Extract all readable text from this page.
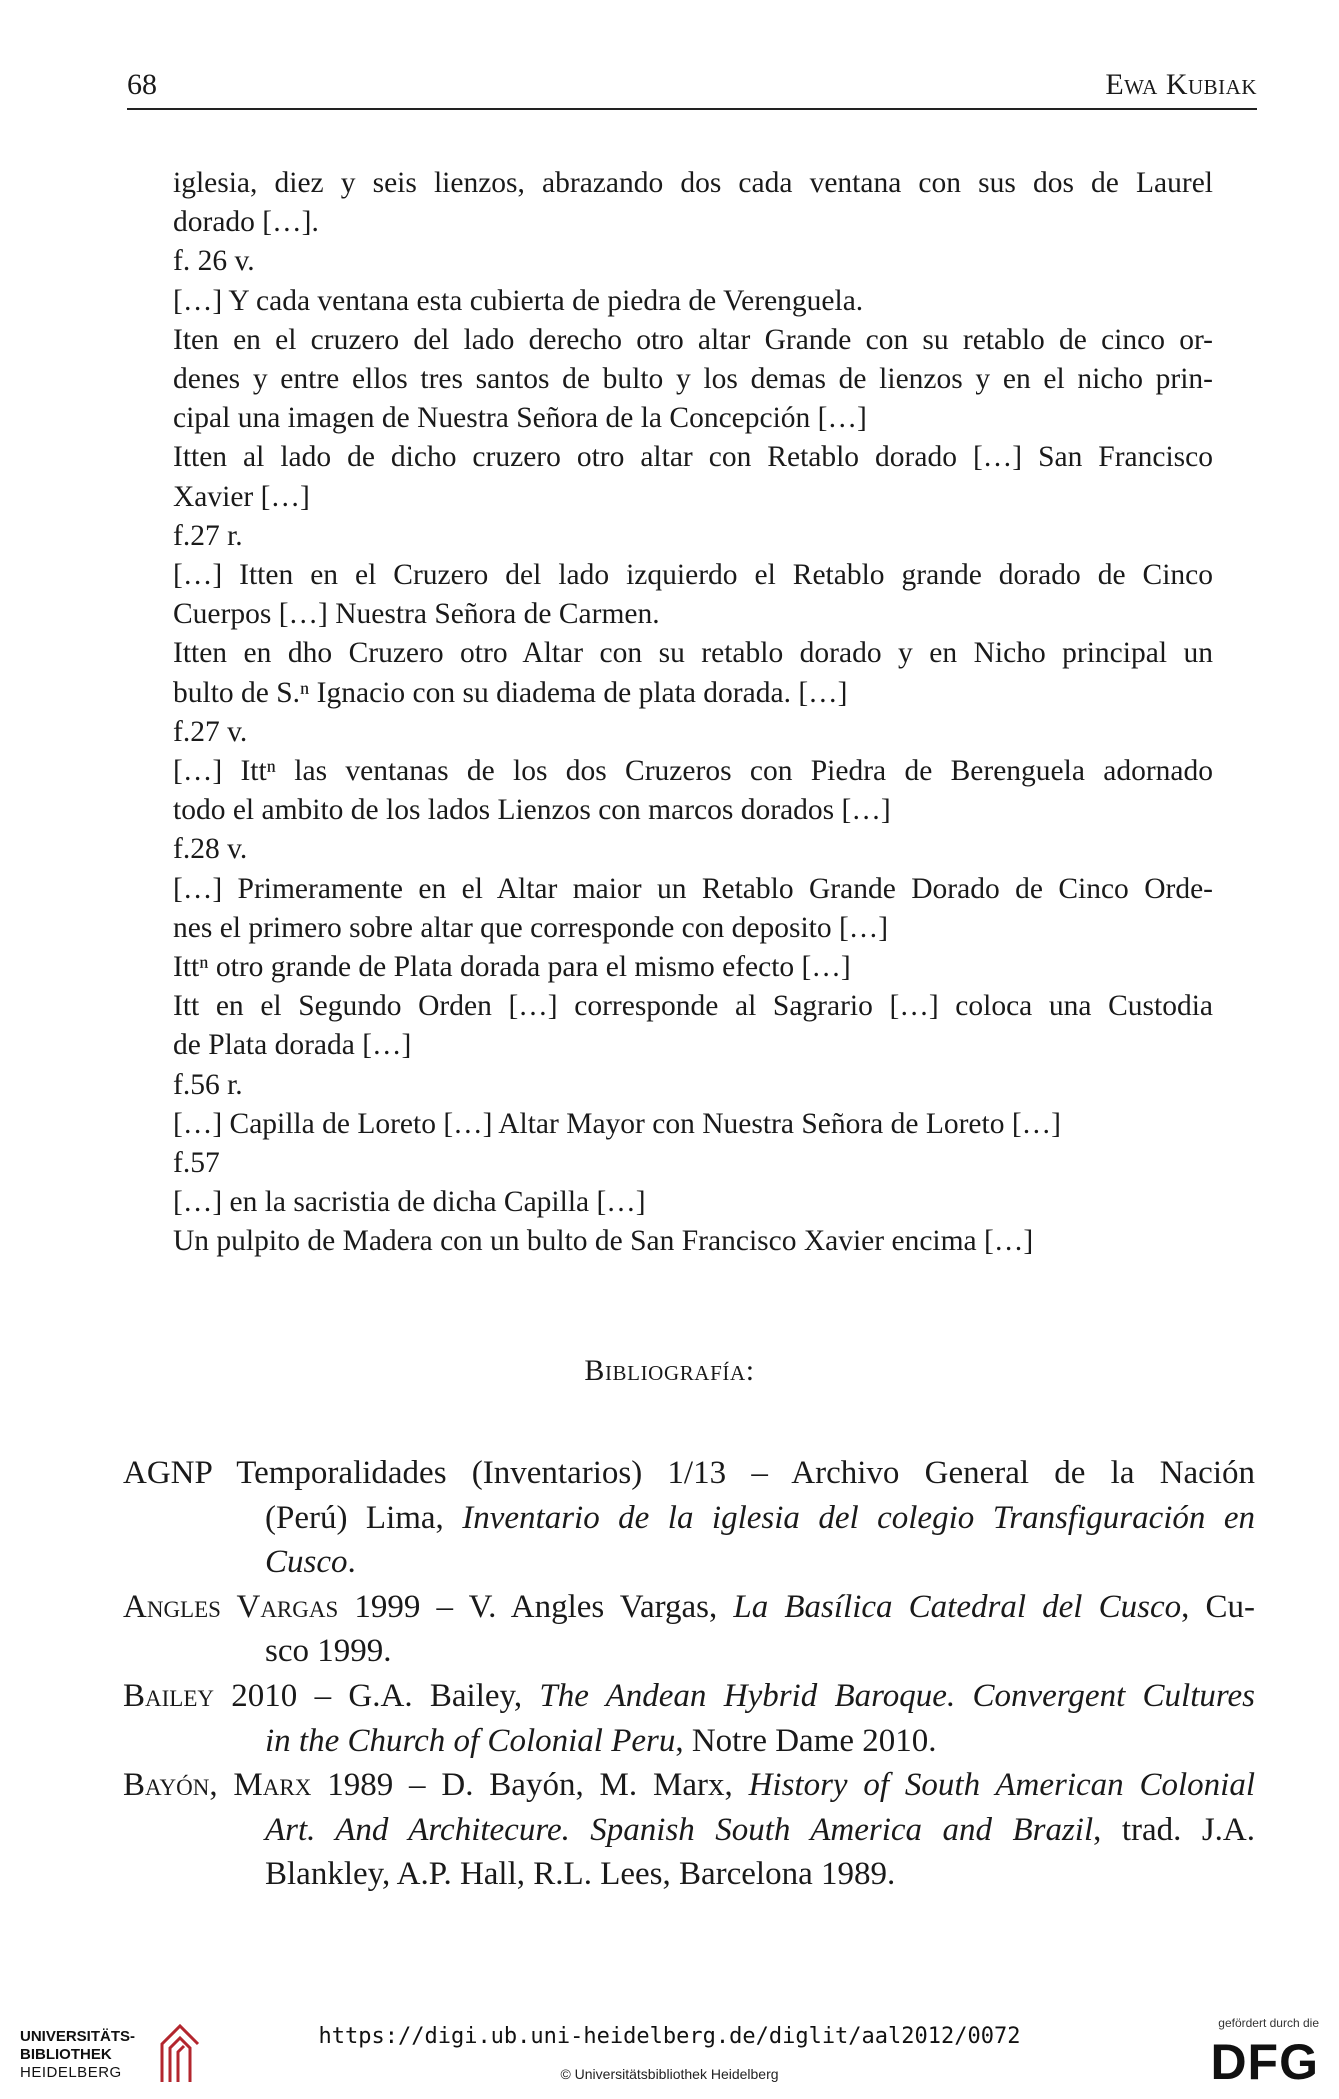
68	Ewa Kubiak
iglesia, diez y seis lienzos, abrazando dos cada ventana con sus dos de Laurel
dorado […].
f. 26 v.
[…] Y cada ventana esta cubierta de piedra de Verenguela.
Iten en el cruzero del lado derecho otro altar Grande con su retablo de cinco or-
denes y entre ellos tres santos de bulto y los demas de lienzos y en el nicho prin-
cipal una imagen de Nuestra Señora de la Concepción […]
Itten al lado de dicho cruzero otro altar con Retablo dorado […] San Francisco
Xavier […]
f.27 r.
[…] Itten en el Cruzero del lado izquierdo el Retablo grande dorado de Cinco
Cuerpos […] Nuestra Señora de Carmen.
Itten en dho Cruzero otro Altar con su retablo dorado y en Nicho principal un
bulto de S.ⁿ Ignacio con su diadema de plata dorada. […]
f.27 v.
[…] Ittⁿ las ventanas de los dos Cruzeros con Piedra de Berenguela adornado
todo el ambito de los lados Lienzos con marcos dorados […]
f.28 v.
[…] Primeramente en el Altar maior un Retablo Grande Dorado de Cinco Orde-
nes el primero sobre altar que corresponde con deposito […]
Ittⁿ otro grande de Plata dorada para el mismo efecto […]
Itt en el Segundo Orden […] corresponde al Sagrario […] coloca una Custodia
de Plata dorada […]
f.56 r.
[…] Capilla de Loreto […] Altar Mayor con Nuestra Señora de Loreto […]
f.57
[…] en la sacristia de dicha Capilla […]
Un pulpito de Madera con un bulto de San Francisco Xavier encima […]
Bibliografía:
AGNP Temporalidades (Inventarios) 1/13 – Archivo General de la Nación
(Perú) Lima, Inventario de la iglesia del colegio Transfiguración en
Cusco.
Angles Vargas 1999 – V. Angles Vargas, La Basílica Catedral del Cusco, Cu-
sco 1999.
Bailey 2010 – G.A. Bailey, The Andean Hybrid Baroque. Convergent Cultures
in the Church of Colonial Peru, Notre Dame 2010.
Bayón, Marx 1989 – D. Bayón, M. Marx, History of South American Colonial
Art. And Architecure. Spanish South America and Brazil, trad. J.A.
Blankley, A.P. Hall, R.L. Lees, Barcelona 1989.
UNIVERSITÄTS-
BIBLIOTHEK
HEIDELBERG
https://digi.ub.uni-heidelberg.de/diglit/aal2012/0072
© Universitätsbibliothek Heidelberg
gefördert durch die
DFG
